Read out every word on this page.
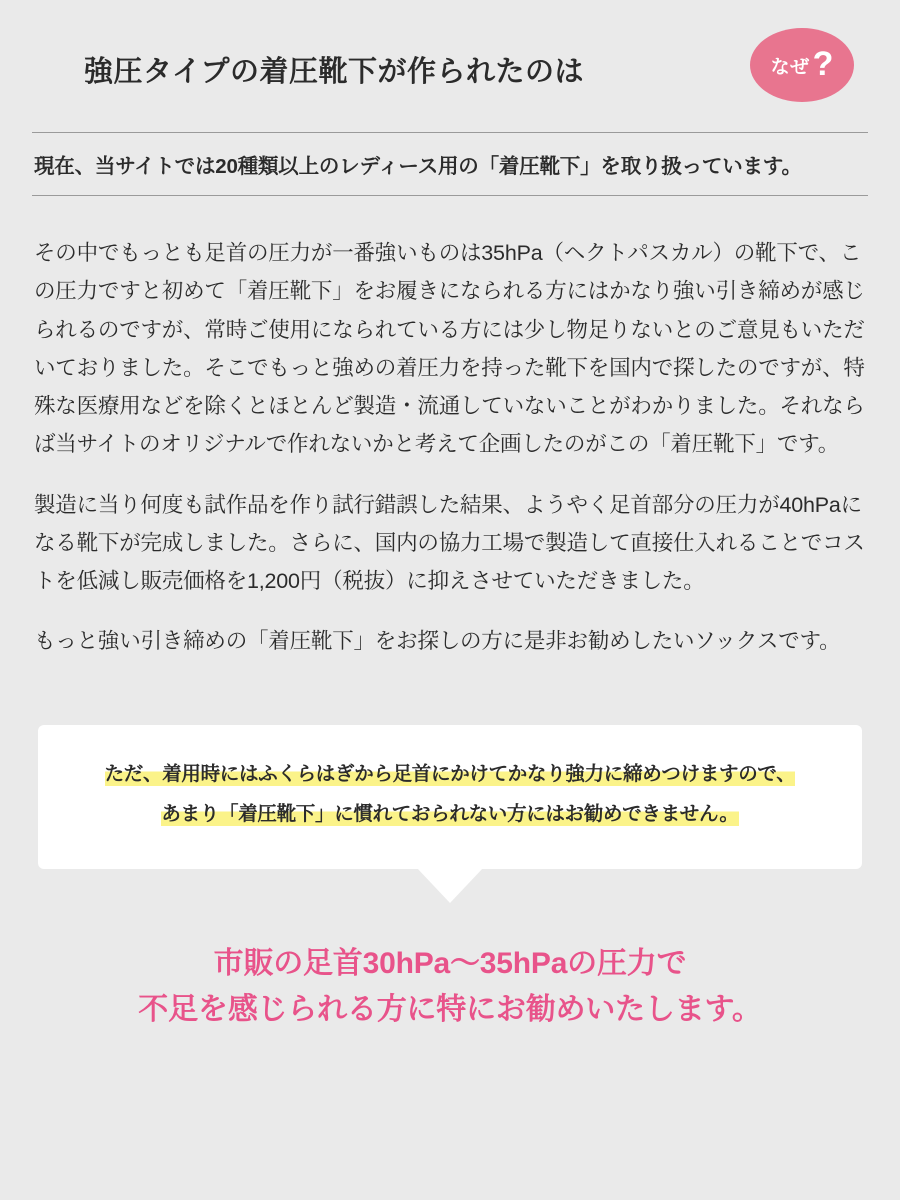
強圧タイプの着圧靴下が作られたのは	なぜ ?
現在、当サイトでは20種類以上のレディース用の「着圧靴下」を取り扱っています。

その中でもっとも足首の圧力が一番強いものは35hPa（ヘクトパスカル）の靴下で、この圧力ですと初めて「着圧靴下」をお履きになられる方にはかなり強い引き締めが感じられるのですが、常時ご使用になられている方には少し物足りないとのご意見もいただいておりました。そこでもっと強めの着圧力を持った靴下を国内で探したのですが、特殊な医療用などを除くとほとんど製造・流通していないことがわかりました。それならば当サイトのオリジナルで作れないかと考えて企画したのがこの「着圧靴下」です。

製造に当り何度も試作品を作り試行錯誤した結果、ようやく足首部分の圧力が40hPaになる靴下が完成しました。さらに、国内の協力工場で製造して直接仕入れることでコストを低減し販売価格を1,200円（税抜）に抑えさせていただきました。

もっと強い引き締めの「着圧靴下」をお探しの方に是非お勧めしたいソックスです。

ただ、着用時にはふくらはぎから足首にかけてかなり強力に締めつけますので、
あまり「着圧靴下」に慣れておられない方にはお勧めできません。
市販の足首30hPa〜35hPaの圧力で
不足を感じられる方に特にお勧めいたします。
